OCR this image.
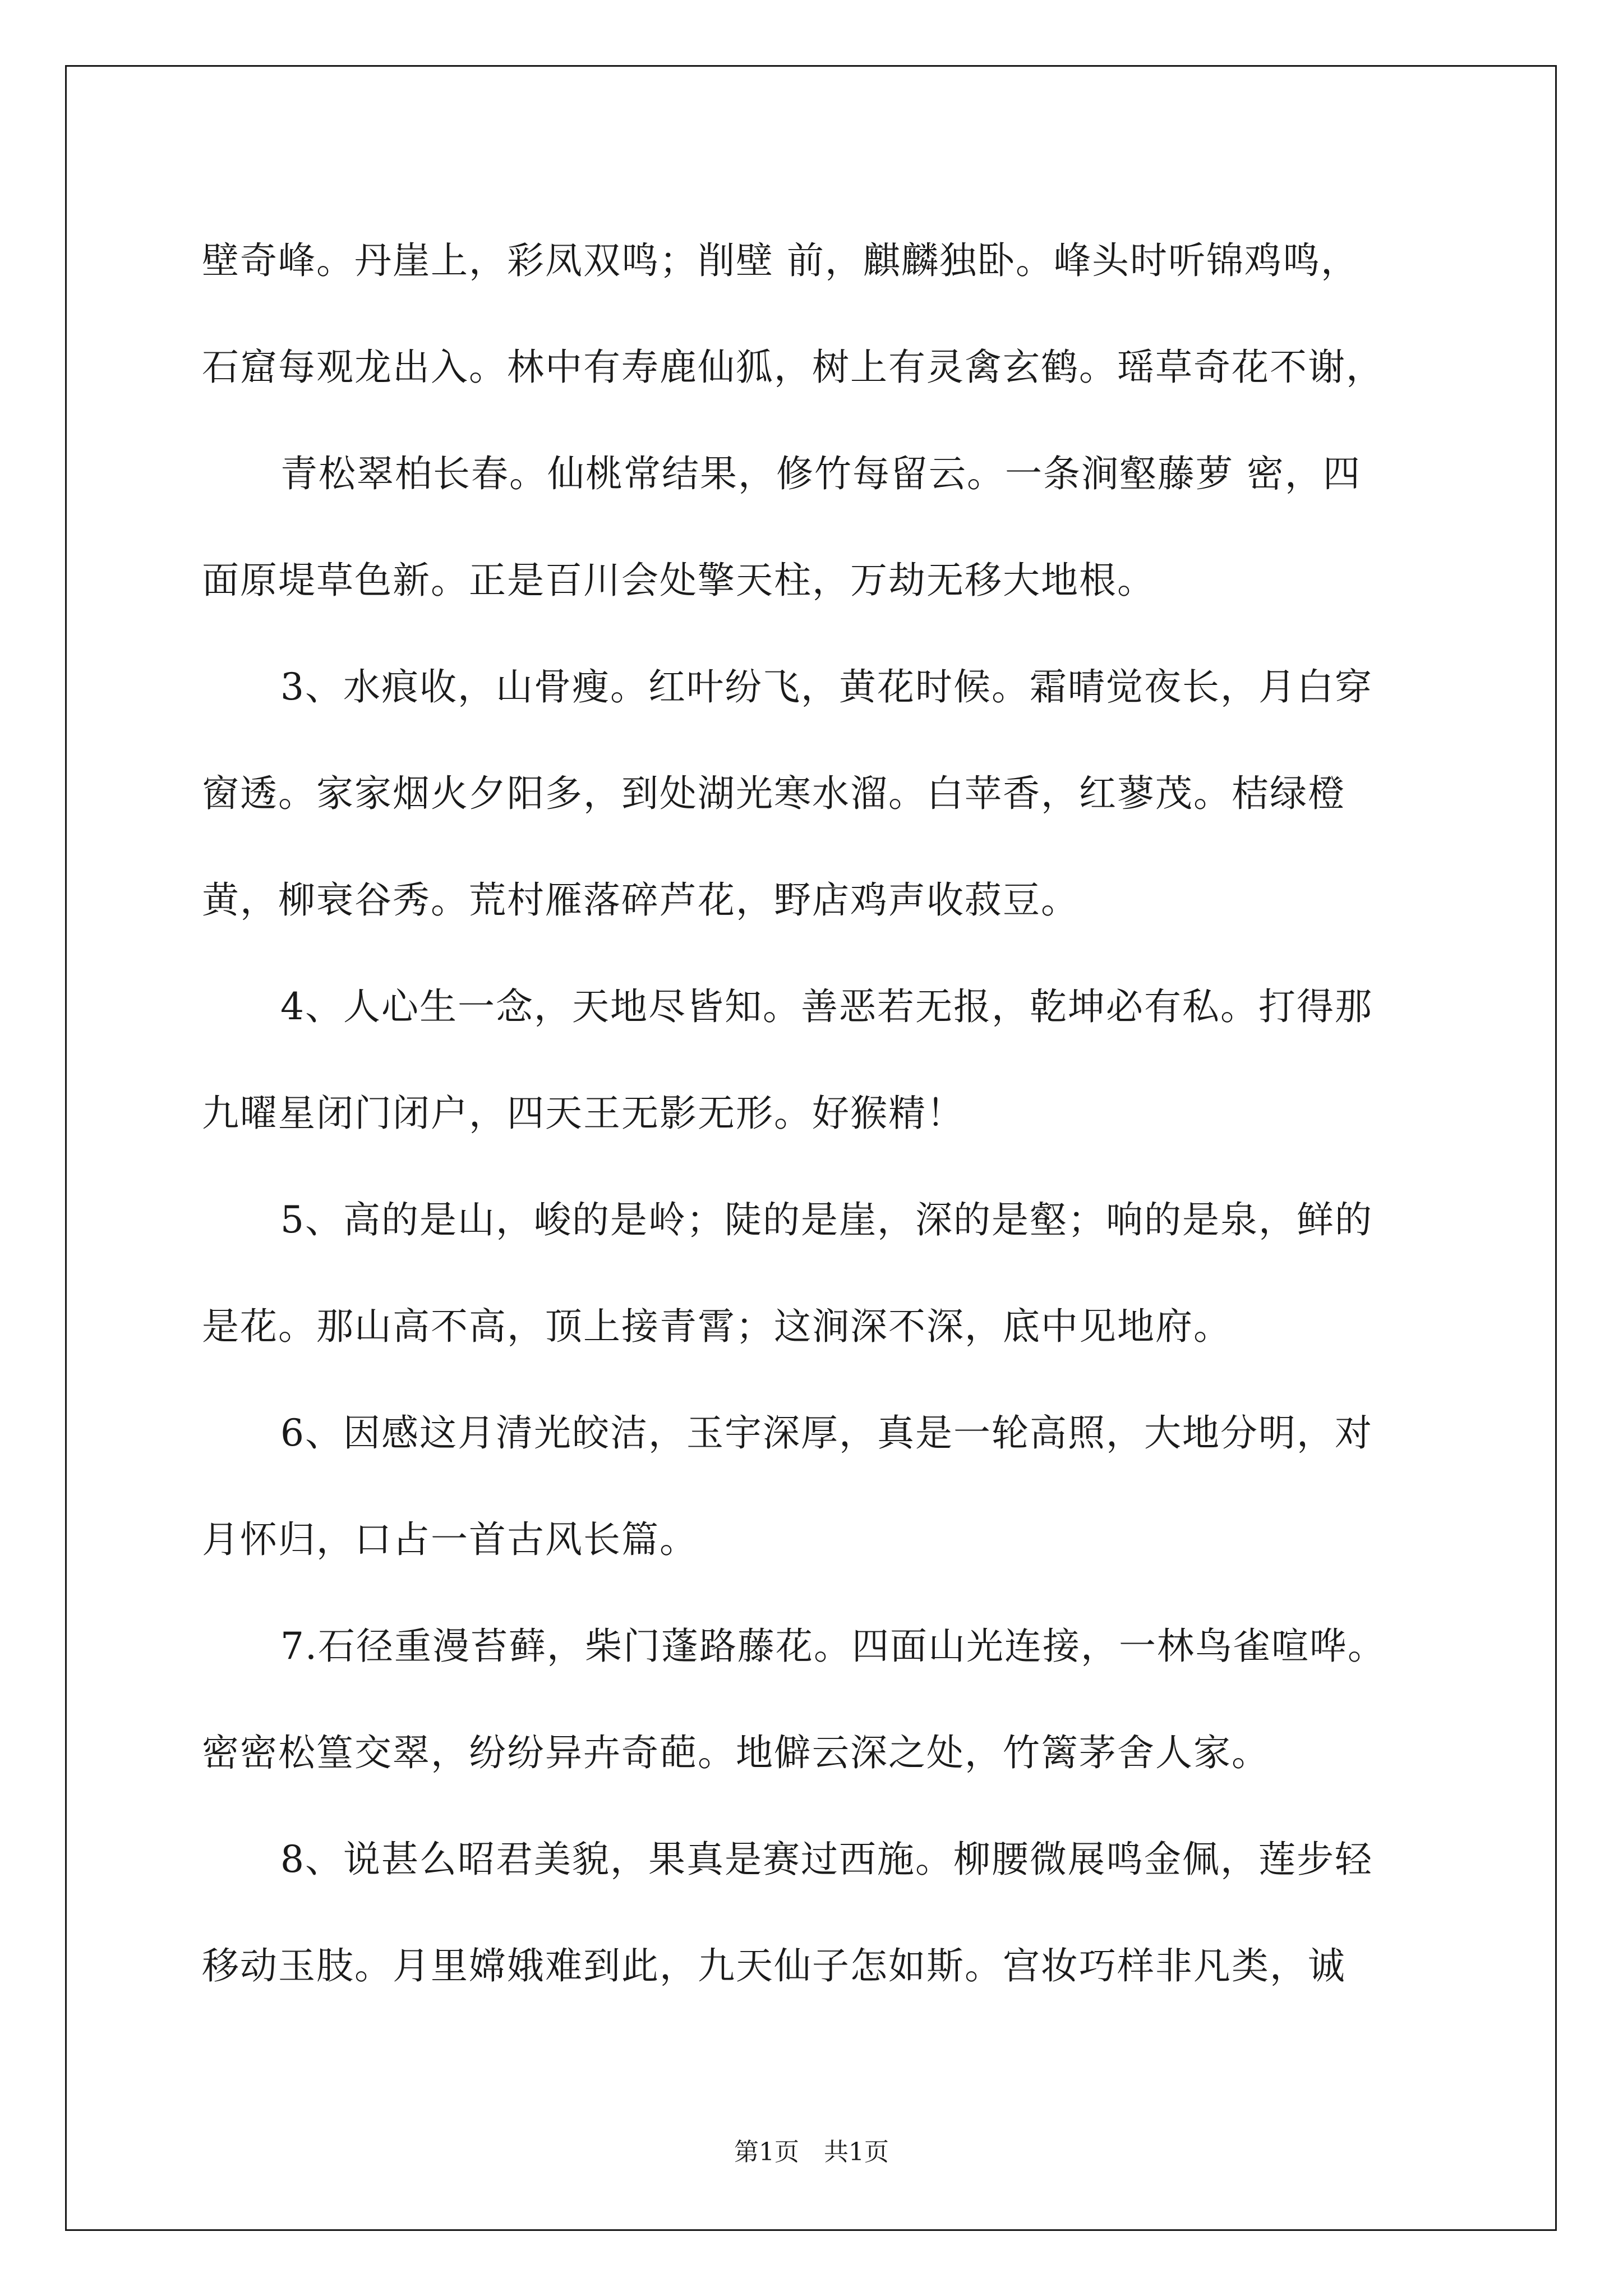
壁奇峰。丹崖上，彩凤双鸣；削壁 前，麒麟独卧。峰头时听锦鸡鸣，
石窟每观龙出入。林中有寿鹿仙狐，树上有灵禽玄鹤。瑶草奇花不谢，
青松翠柏长春。仙桃常结果，修竹每留云。一条涧壑藤萝 密，四
面原堤草色新。正是百川会处擎天柱，万劫无移大地根。
3、水痕收，山骨瘦。红叶纷飞，黄花时候。霜晴觉夜长，月白穿
窗透。家家烟火夕阳多，到处湖光寒水溜。白苹香，红蓼茂。桔绿橙
黄，柳衰谷秀。荒村雁落碎芦花，野店鸡声收菽豆。
4、人心生一念，天地尽皆知。善恶若无报，乾坤必有私。打得那
九曜星闭门闭户，四天王无影无形。好猴精！
5、高的是山，峻的是岭；陡的是崖，深的是壑；响的是泉，鲜的
是花。那山高不高，顶上接青霄；这涧深不深，底中见地府。
6、因感这月清光皎洁，玉宇深厚，真是一轮高照，大地分明，对
月怀归，口占一首古风长篇。
7.石径重漫苔藓，柴门蓬路藤花。四面山光连接，一林鸟雀喧哗。
密密松篁交翠，纷纷异卉奇葩。地僻云深之处，竹篱茅舍人家。
8、说甚么昭君美貌，果真是赛过西施。柳腰微展鸣金佩，莲步轻
移动玉肢。月里嫦娥难到此，九天仙子怎如斯。宫妆巧样非凡类，诚
第1页　共1页
